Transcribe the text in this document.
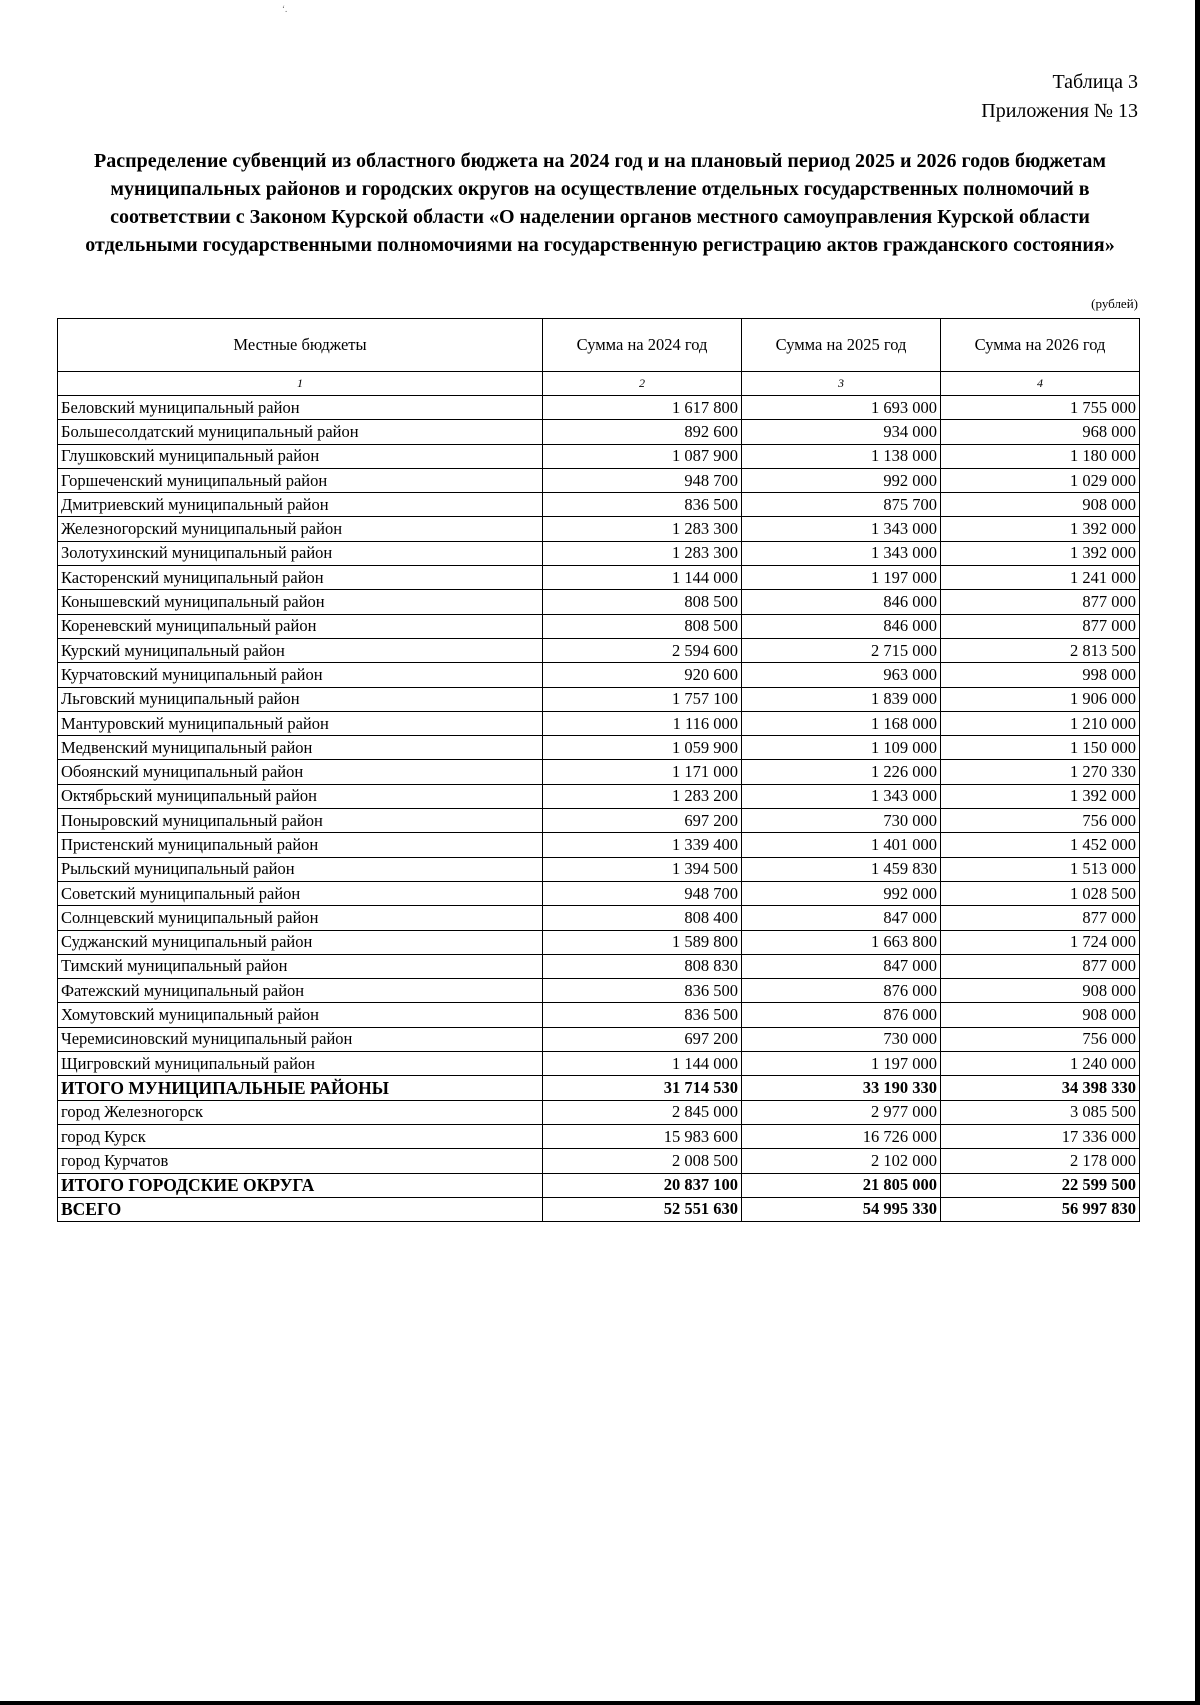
ʻ.
Таблица 3
Приложения № 13
Распределение субвенций из областного бюджета на 2024 год и на плановый период 2025 и 2026 годов бюджетам муниципальных районов и городских округов на осуществление отдельных государственных полномочий в соответствии с Законом Курской области «О наделении органов местного самоуправления Курской области отдельными государственными полномочиями на государственную регистрацию актов гражданского состояния»
(рублей)
Местные бюджеты	Сумма на 2024 год	Сумма на 2025 год	Сумма на 2026 год
1	2	3	4
Беловский муниципальный район	1 617 800	1 693 000	1 755 000
Большесолдатский муниципальный район	892 600	934 000	968 000
Глушковский муниципальный район	1 087 900	1 138 000	1 180 000
Горшеченский муниципальный район	948 700	992 000	1 029 000
Дмитриевский муниципальный район	836 500	875 700	908 000
Железногорский муниципальный район	1 283 300	1 343 000	1 392 000
Золотухинский муниципальный район	1 283 300	1 343 000	1 392 000
Касторенский муниципальный район	1 144 000	1 197 000	1 241 000
Конышевский муниципальный район	808 500	846 000	877 000
Кореневский муниципальный район	808 500	846 000	877 000
Курский муниципальный район	2 594 600	2 715 000	2 813 500
Курчатовский муниципальный район	920 600	963 000	998 000
Льговский муниципальный район	1 757 100	1 839 000	1 906 000
Мантуровский муниципальный район	1 116 000	1 168 000	1 210 000
Медвенский муниципальный район	1 059 900	1 109 000	1 150 000
Обоянский муниципальный район	1 171 000	1 226 000	1 270 330
Октябрьский муниципальный район	1 283 200	1 343 000	1 392 000
Поныровский муниципальный район	697 200	730 000	756 000
Пристенский муниципальный район	1 339 400	1 401 000	1 452 000
Рыльский муниципальный район	1 394 500	1 459 830	1 513 000
Советский муниципальный район	948 700	992 000	1 028 500
Солнцевский муниципальный район	808 400	847 000	877 000
Суджанский муниципальный район	1 589 800	1 663 800	1 724 000
Тимский муниципальный район	808 830	847 000	877 000
Фатежский муниципальный район	836 500	876 000	908 000
Хомутовский муниципальный район	836 500	876 000	908 000
Черемисиновский муниципальный район	697 200	730 000	756 000
Щигровский муниципальный район	1 144 000	1 197 000	1 240 000
ИТОГО МУНИЦИПАЛЬНЫЕ РАЙОНЫ	31 714 530	33 190 330	34 398 330
город Железногорск	2 845 000	2 977 000	3 085 500
город Курск	15 983 600	16 726 000	17 336 000
город Курчатов	2 008 500	2 102 000	2 178 000
ИТОГО ГОРОДСКИЕ ОКРУГА	20 837 100	21 805 000	22 599 500
ВСЕГО	52 551 630	54 995 330	56 997 830
